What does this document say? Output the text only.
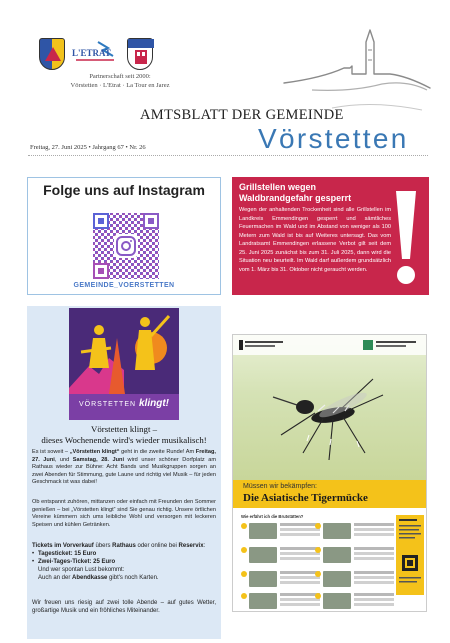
L'ETRAT
Partnerschaft seit 2000:
Vörstetten · L'Etrat · La Tour en Jarez
AMTSBLATT DER GEMEINDE
Vörstetten
Freitag, 27. Juni 2025 • Jahrgang 67 • Nr. 26
Folge uns auf Instagram
GEMEINDE_VOERSTETTEN
Grillstellen wegen Waldbrandgefahr gesperrt

Wegen der anhaltenden Trockenheit sind alle Grillstellen im Landkreis Emmendingen gesperrt und sämtliches Feuermachen im Wald und im Abstand von weniger als 100 Metern zum Wald ist bis auf Weiteres untersagt. Das vom Landratsamt Emmendingen erlassene Verbot gilt seit dem 25. Juni 2025 zunächst bis zum 31. Juli 2025, dann wird die Situation neu beurteilt. Im Wald darf außerdem grundsätzlich vom 1. März bis 31. Oktober nicht geraucht werden.

VÖRSTETTEN klingt!
Vörstetten klingt –
dieses Wochenende wird's wieder musikalisch!
Es ist soweit – „Vörstetten klingt“ geht in die zweite Runde! Am Freitag, 27. Juni, und Samstag, 28. Juni wird unser schöner Dorfplatz am Rathaus wieder zur Bühne: Acht Bands und Musikgruppen sorgen an zwei Abenden für Stimmung, gute Laune und richtig viel Musik – für jeden Geschmack ist was dabei!
Ob entspannt zuhören, mittanzen oder einfach mit Freunden den Sommer genießen – bei „Vörstetten klingt“ sind Sie genau richtig. Unsere örtlichen Vereine kümmern sich ums leibliche Wohl und versorgen mit leckeren Speisen und kühlen Getränken.
Tickets im Vorverkauf übers Rathaus oder online bei Reservix:
• Tagesticket: 15 Euro
• Zwei-Tages-Ticket: 25 Euro
Und wer spontan Lust bekommt:
Auch an der Abendkasse gibt's noch Karten.
Wir freuen uns riesig auf zwei tolle Abende – auf gutes Wetter, großartige Musik und ein fröhliches Miteinander.
Müssen wir bekämpfen:
Die Asiatische Tigermücke
Wie erfährt ich die Brutstätten?
